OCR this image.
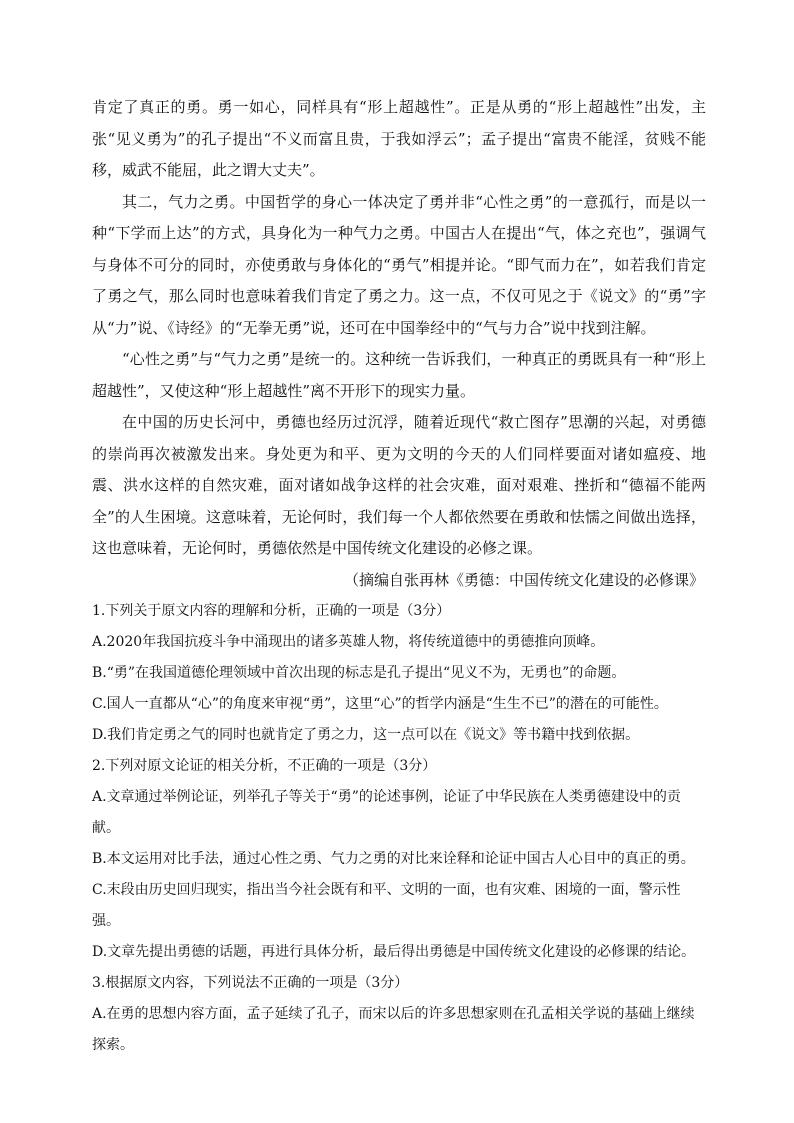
肯定了真正的勇。勇一如心，同样具有“形上超越性”。正是从勇的“形上超越性”出发，主张“见义勇为”的孔子提出“不义而富且贵，于我如浮云”；孟子提出“富贵不能淫，贫贱不能移，威武不能屈，此之谓大丈夫”。

其二，气力之勇。中国哲学的身心一体决定了勇并非“心性之勇”的一意孤行，而是以一种“下学而上达”的方式，具身化为一种气力之勇。中国古人在提出“气，体之充也”，强调气与身体不可分的同时，亦使勇敢与身体化的“勇气”相提并论。“即气而力在”，如若我们肯定了勇之气，那么同时也意味着我们肯定了勇之力。这一点，不仅可见之于《说文》的“勇”字从“力”说、《诗经》的“无拳无勇”说，还可在中国拳经中的“气与力合”说中找到注解。

“心性之勇”与“气力之勇”是统一的。这种统一告诉我们，一种真正的勇既具有一种“形上超越性”，又使这种“形上超越性”离不开形下的现实力量。

在中国的历史长河中，勇德也经历过沉浮，随着近现代“救亡图存”思潮的兴起，对勇德的崇尚再次被激发出来。身处更为和平、更为文明的今天的人们同样要面对诸如瘟疫、地震、洪水这样的自然灾难，面对诸如战争这样的社会灾难，面对艰难、挫折和“德福不能两全”的人生困境。这意味着，无论何时，我们每一个人都依然要在勇敢和怯懦之间做出选择，这也意味着，无论何时，勇德依然是中国传统文化建设的必修之课。

（摘编自张再林《勇德：中国传统文化建设的必修课》

1.下列关于原文内容的理解和分析，正确的一项是（3分）

A.2020年我国抗疫斗争中涌现出的诸多英雄人物，将传统道德中的勇德推向顶峰。

B.“勇”在我国道德伦理领域中首次出现的标志是孔子提出“见义不为，无勇也”的命题。

C.国人一直都从“心”的角度来审视“勇”，这里“心”的哲学内涵是“生生不已”的潜在的可能性。

D.我们肯定勇之气的同时也就肯定了勇之力，这一点可以在《说文》等书籍中找到依据。

2.下列对原文论证的相关分析，不正确的一项是（3分）

A.文章通过举例论证，列举孔子等关于“勇”的论述事例，论证了中华民族在人类勇德建设中的贡献。

B.本文运用对比手法，通过心性之勇、气力之勇的对比来诠释和论证中国古人心目中的真正的勇。

C.末段由历史回归现实，指出当今社会既有和平、文明的一面，也有灾难、困境的一面，警示性强。

D.文章先提出勇德的话题，再进行具体分析，最后得出勇德是中国传统文化建设的必修课的结论。

3.根据原文内容，下列说法不正确的一项是（3分）

A.在勇的思想内容方面，孟子延续了孔子，而宋以后的许多思想家则在孔孟相关学说的基础上继续探索。
